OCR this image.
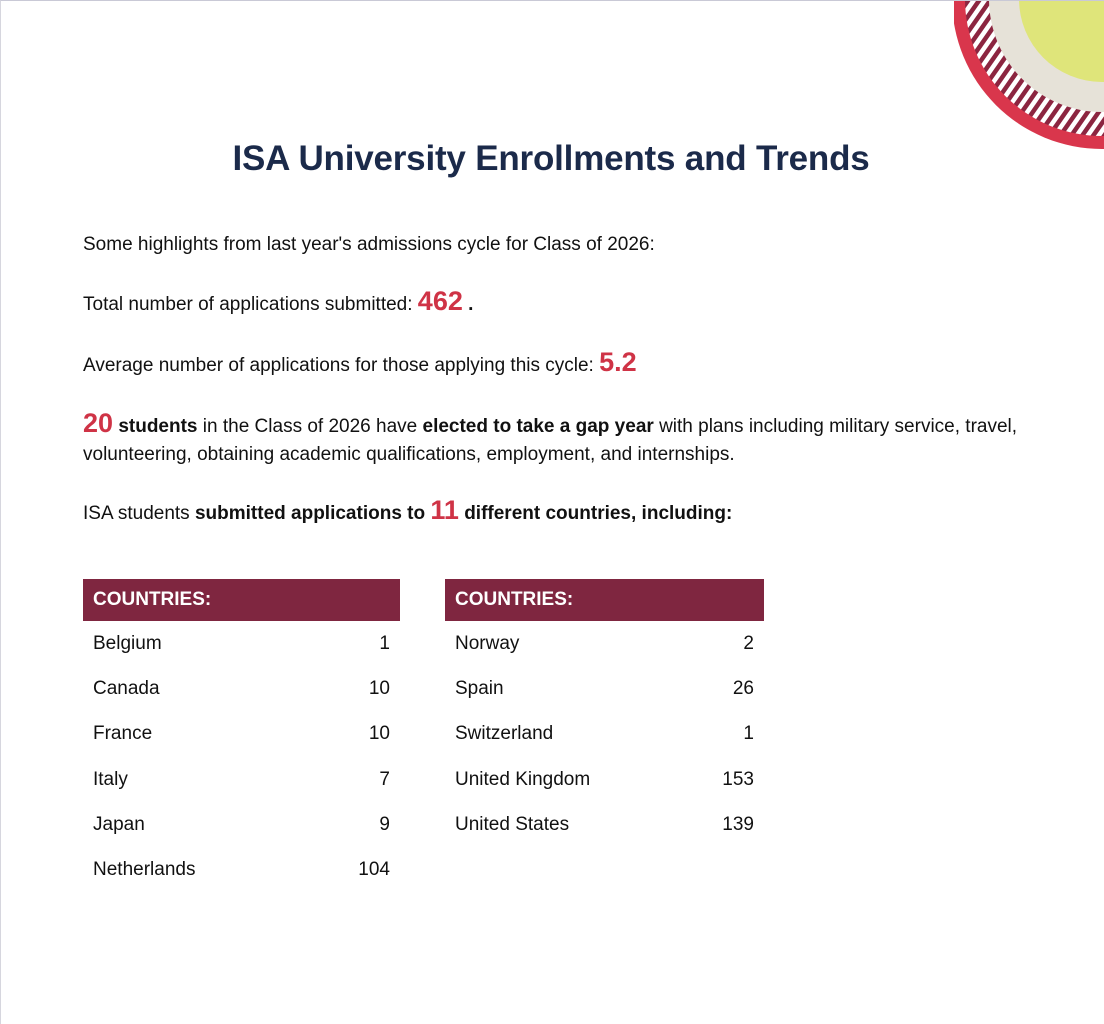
ISA University Enrollments and Trends
Some highlights from last year's admissions cycle for Class of 2026:
Total number of applications submitted: 462 .
Average number of applications for those applying this cycle: 5.2
20 students in the Class of 2026 have elected to take a gap year with plans including military service, travel, volunteering, obtaining academic qualifications, employment, and internships.
ISA students submitted applications to 11 different countries, including:
COUNTRIES:
Belgium	1
Canada	10
France	10
Italy	7
Japan	9
Netherlands	104
COUNTRIES:
Norway	2
Spain	26
Switzerland	1
United Kingdom	153
United States	139
